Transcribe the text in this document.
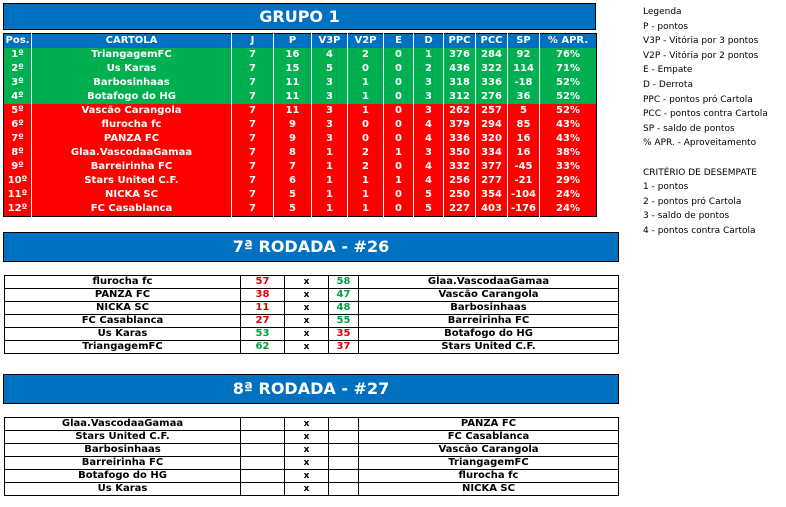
GRUPO 1
Pos.	CARTOLA	J	P	V3P	V2P	E	D	PPC	PCC	SP	% APR.
1º	TriangagemFC	7	16	4	2	0	1	376	284	92	76%
2º	Us Karas	7	15	5	0	0	2	436	322	114	71%
3º	Barbosinhaas	7	11	3	1	0	3	318	336	-18	52%
4º	Botafogo do HG	7	11	3	1	0	3	312	276	36	52%
5º	Vascão Carangola	7	11	3	1	0	3	262	257	5	52%
6º	flurocha fc	7	9	3	0	0	4	379	294	85	43%
7º	PANZA FC	7	9	3	0	0	4	336	320	16	43%
8º	Glaa.VascodaaGamaa	7	8	1	2	1	3	350	334	16	38%
9º	Barreirinha FC	7	7	1	2	0	4	332	377	-45	33%
10º	Stars United C.F.	7	6	1	1	1	4	256	277	-21	29%
11º	NICKA SC	7	5	1	1	0	5	250	354	-104	24%
12º	FC Casablanca	7	5	1	1	0	5	227	403	-176	24%
7ª RODADA - #26
flurocha fc	57	x	58	Glaa.VascodaaGamaa
PANZA FC	38	x	47	Vascão Carangola
NICKA SC	11	x	48	Barbosinhaas
FC Casablanca	27	x	55	Barreirinha FC
Us Karas	53	x	35	Botafogo do HG
TriangagemFC	62	x	37	Stars United C.F.
8ª RODADA - #27
Glaa.VascodaaGamaa		x		PANZA FC
Stars United C.F.		x		FC Casablanca
Barbosinhaas		x		Vascão Carangola
Barreirinha FC		x		TriangagemFC
Botafogo do HG		x		flurocha fc
Us Karas		x		NICKA SC
Legenda
P - pontos
V3P - Vitória por 3 pontos
V2P - Vitória por 2 pontos
E - Empate
D - Derrota
PPC - pontos pró Cartola
PCC - pontos contra Cartola
SP - saldo de pontos
% APR. - Aproveitamento
CRITÉRIO DE DESEMPATE
1 - pontos
2 - pontos pró Cartola
3 - saldo de pontos
4 - pontos contra Cartola
